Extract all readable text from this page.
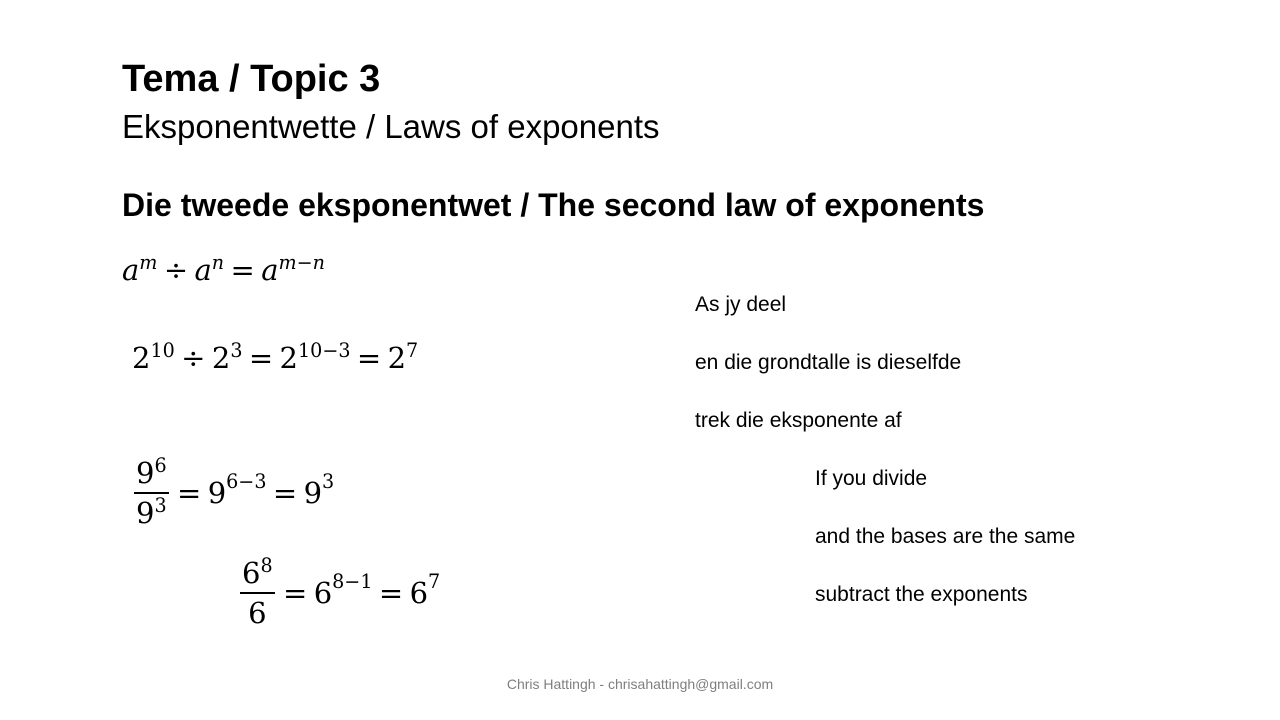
Tema / Topic 3
Eksponentwette / Laws of exponents
Die tweede eksponentwet / The second law of exponents
$a^m \div a^n = a^{m-n}$
$2^{10} \div 2^3 = 2^{10-3} = 2^7$
$\frac{9^6}{9^3} = 9^{6-3} = 9^3$
$\frac{6^8}{6} = 6^{8-1} = 6^7$
As jy deel
en die grondtalle is dieselfde
trek die eksponente af
If you divide
and the bases are the same
subtract the exponents
Chris Hattingh - chrisahattingh@gmail.com
